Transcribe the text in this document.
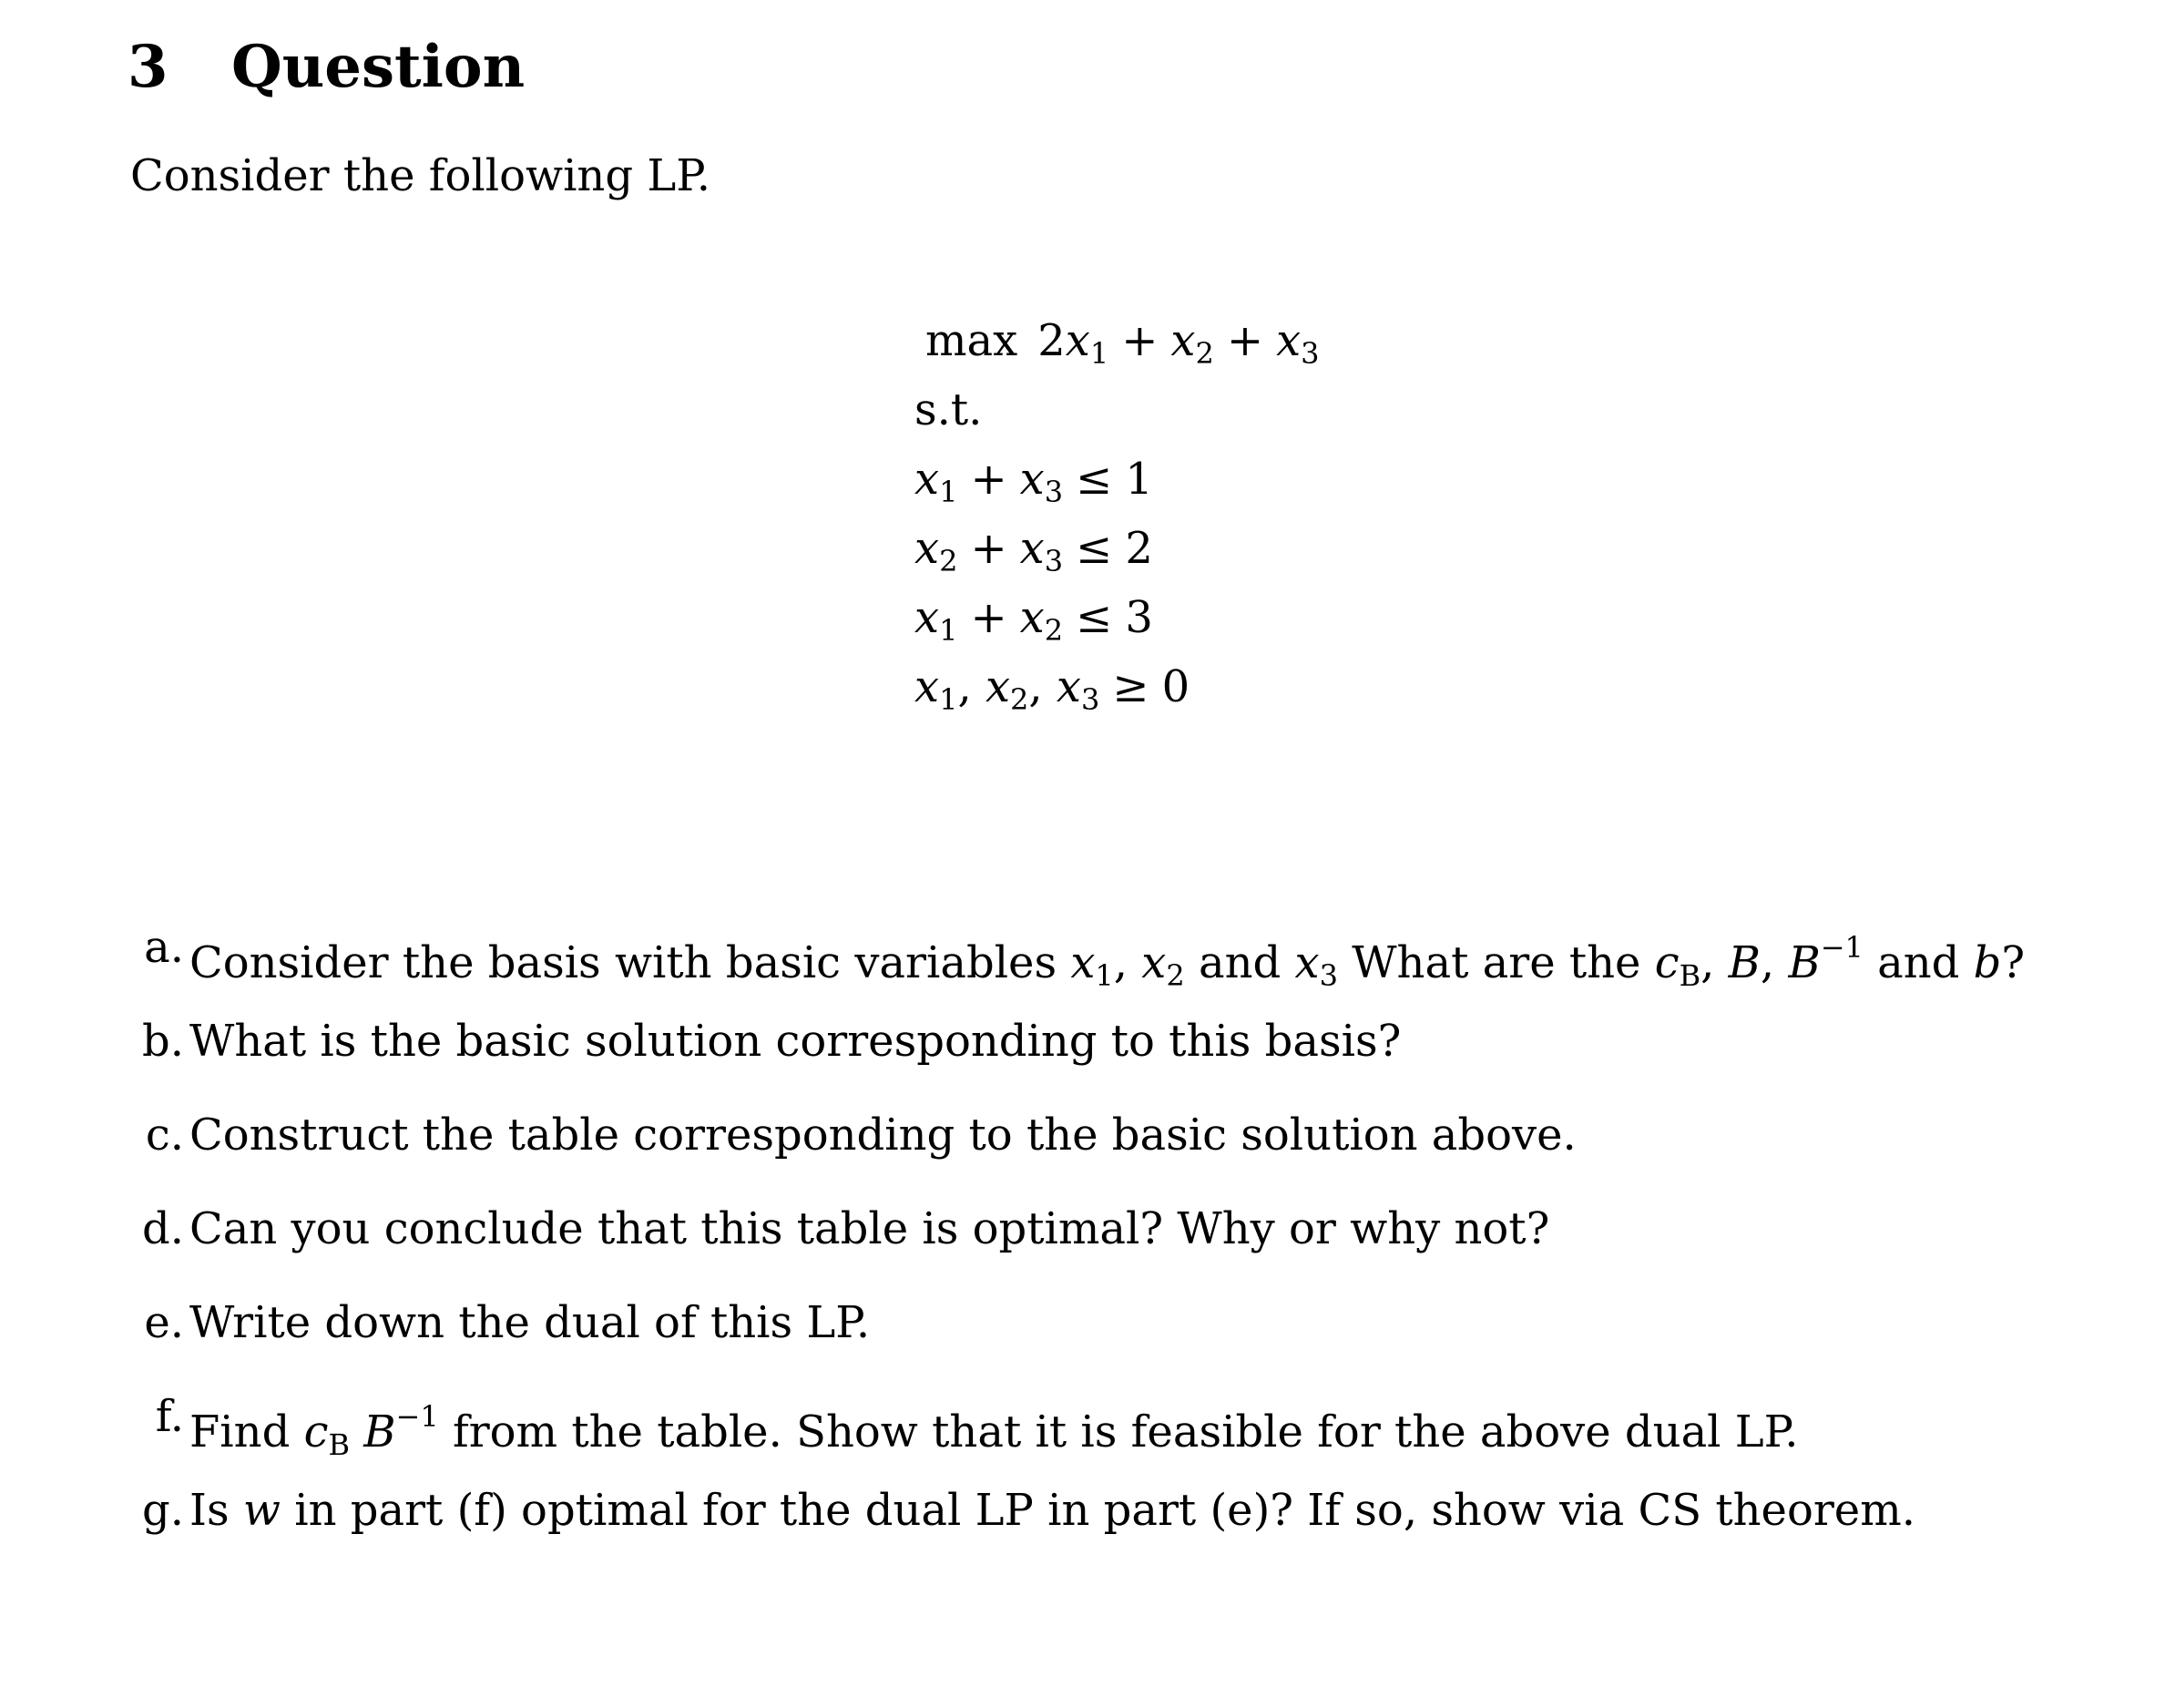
3 Question
Consider the following LP.
$\max 2x_1 + x_2 + x_3$
s.t.
$x_1 + x_3 \le 1$
$x_2 + x_3 \le 2$
$x_1 + x_2 \le 3$
$x_1$, $x_2$, $x_3 \ge 0$
a. Consider the basis with basic variables $x_1$, $x_2$ and $x_3$ What are the $c_B$, B, $B^{-1}$ and b?
b. What is the basic solution corresponding to this basis?
c. Construct the table corresponding to the basic solution above.
d. Can you conclude that this table is optimal? Why or why not?
e. Write down the dual of this LP.
f. Find $c_B$ $B^{-1}$ from the table. Show that it is feasible for the above dual LP.
g. Is w in part (f) optimal for the dual LP in part (e)? If so, show via CS theorem.
